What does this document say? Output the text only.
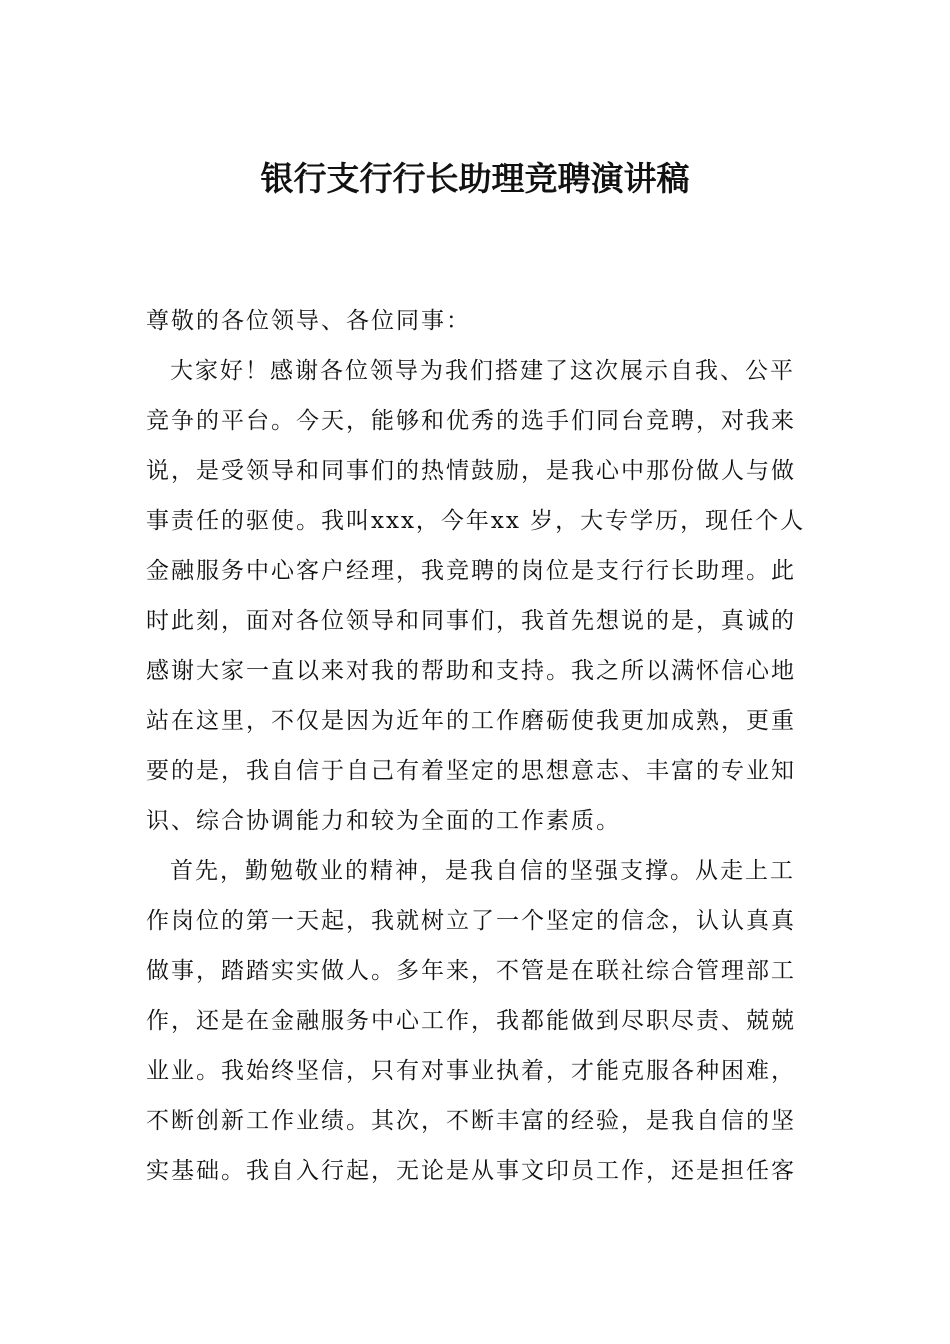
银行支行行长助理竞聘演讲稿

尊敬的各位领导、各位同事：

大家好！感谢各位领导为我们搭建了这次展示自我、公平竞争的平台。今天，能够和优秀的选手们同台竞聘，对我来说，是受领导和同事们的热情鼓励，是我心中那份做人与做事责任的驱使。我叫xxx，今年xx 岁，大专学历，现任个人金融服务中心客户经理，我竞聘的岗位是支行行长助理。此时此刻，面对各位领导和同事们，我首先想说的是，真诚的感谢大家一直以来对我的帮助和支持。我之所以满怀信心地站在这里，不仅是因为近年的工作磨砺使我更加成熟，更重要的是，我自信于自己有着坚定的思想意志、丰富的专业知识、综合协调能力和较为全面的工作素质。

首先，勤勉敬业的精神，是我自信的坚强支撑。从走上工作岗位的第一天起，我就树立了一个坚定的信念，认认真真做事，踏踏实实做人。多年来，不管是在联社综合管理部工作，还是在金融服务中心工作，我都能做到尽职尽责、兢兢业业。我始终坚信，只有对事业执着，才能克服各种困难，不断创新工作业绩。其次，不断丰富的经验，是我自信的坚实基础。我自入行起，无论是从事文印员工作，还是担任客
